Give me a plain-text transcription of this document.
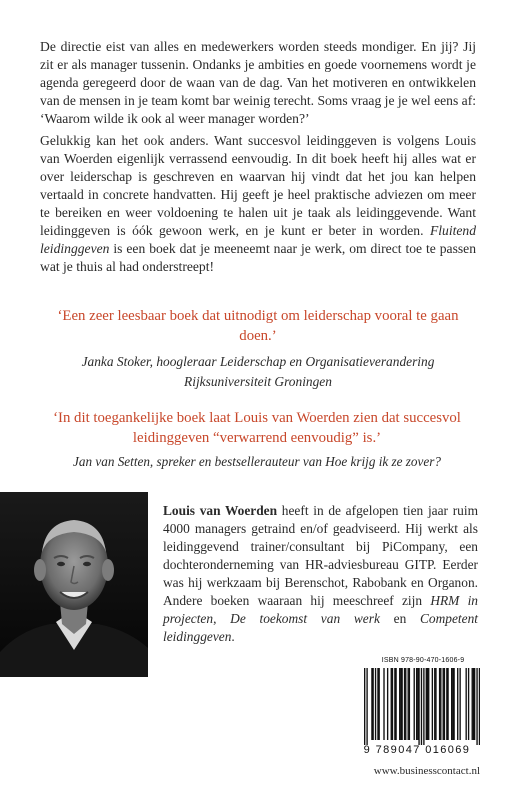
De directie eist van alles en medewerkers worden steeds mondiger. En jij? Jij zit er als manager tussenin. Ondanks je ambities en goede voornemens wordt je agenda geregeerd door de waan van de dag. Van het motiveren en ontwikkelen van de mensen in je team komt bar weinig terecht. Soms vraag je je wel eens af: ‘Waarom wilde ik ook al weer manager worden?’

Gelukkig kan het ook anders. Want succesvol leidinggeven is volgens Louis van Woerden eigenlijk verrassend eenvoudig. In dit boek heeft hij alles wat er over leiderschap is geschreven en waarvan hij vindt dat het jou kan helpen vertaald in concrete handvatten. Hij geeft je heel praktische adviezen om meer te bereiken en weer voldoening te halen uit je taak als leidinggevende. Want leidinggeven is óók gewoon werk, en je kunt er beter in worden. Fluitend leidinggeven is een boek dat je meeneemt naar je werk, om direct toe te passen wat je thuis al had onderstreept!

‘Een zeer leesbaar boek dat uitnodigt om leiderschap vooral te gaan doen.’

Janka Stoker, hoogleraar Leiderschap en Organisatieverandering Rijksuniversiteit Groningen

‘In dit toegankelijke boek laat Louis van Woerden zien dat succesvol leidinggeven “verwarrend eenvoudig” is.’

Jan van Setten, spreker en bestsellerauteur van Hoe krijg ik ze zover?

Louis van Woerden heeft in de afgelopen tien jaar ruim 4000 managers getraind en/of geadviseerd. Hij werkt als leidinggevend trainer/consultant bij PiCompany, een dochteronderneming van HR-adviesbureau GITP. Eerder was hij werkzaam bij Berenschot, Rabobank en Organon. Andere boeken waaraan hij meeschreef zijn HRM in projecten, De toekomst van werk en Competent leidinggeven.

ISBN 978-90-470-1606-9
9 789047 016069
www.businesscontact.nl
